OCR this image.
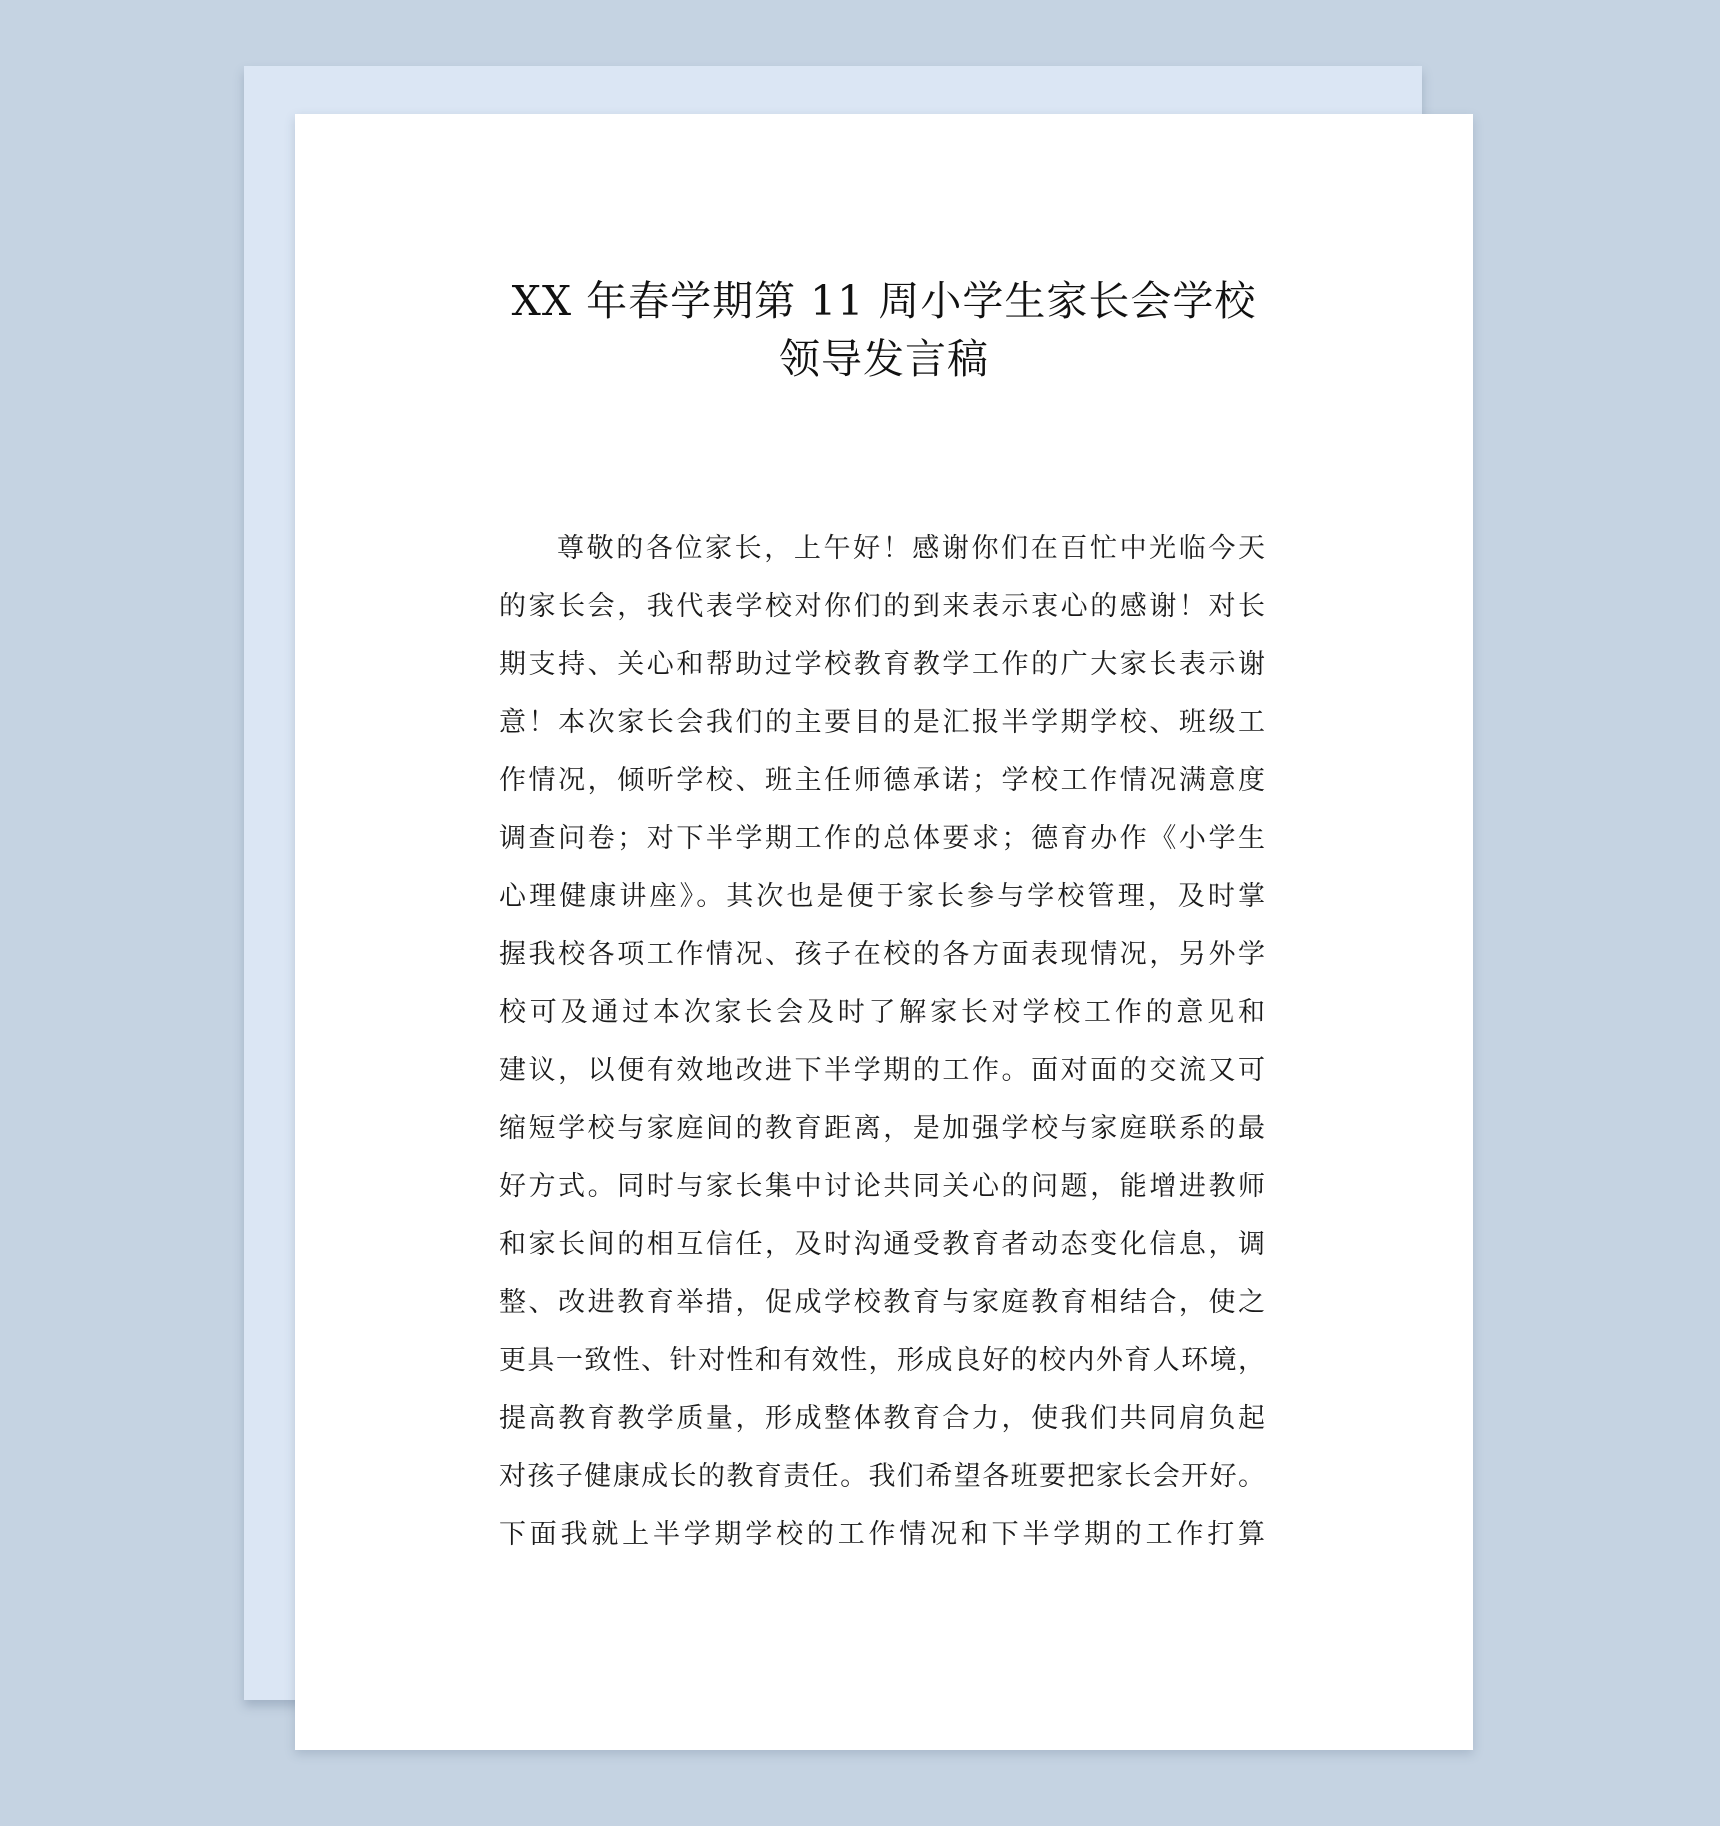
XX 年春学期第 11 周小学生家长会学校
领导发言稿
尊敬的各位家长，上午好！感谢你们在百忙中光临今天
的家长会，我代表学校对你们的到来表示衷心的感谢！对长
期支持、关心和帮助过学校教育教学工作的广大家长表示谢
意！本次家长会我们的主要目的是汇报半学期学校、班级工
作情况，倾听学校、班主任师德承诺；学校工作情况满意度
调查问卷；对下半学期工作的总体要求；德育办作《小学生
心理健康讲座》。其次也是便于家长参与学校管理，及时掌
握我校各项工作情况、孩子在校的各方面表现情况，另外学
校可及通过本次家长会及时了解家长对学校工作的意见和
建议，以便有效地改进下半学期的工作。面对面的交流又可
缩短学校与家庭间的教育距离，是加强学校与家庭联系的最
好方式。同时与家长集中讨论共同关心的问题，能增进教师
和家长间的相互信任，及时沟通受教育者动态变化信息，调
整、改进教育举措，促成学校教育与家庭教育相结合，使之
更具一致性、针对性和有效性，形成良好的校内外育人环境，
提高教育教学质量，形成整体教育合力，使我们共同肩负起
对孩子健康成长的教育责任。我们希望各班要把家长会开好。
下面我就上半学期学校的工作情况和下半学期的工作打算
